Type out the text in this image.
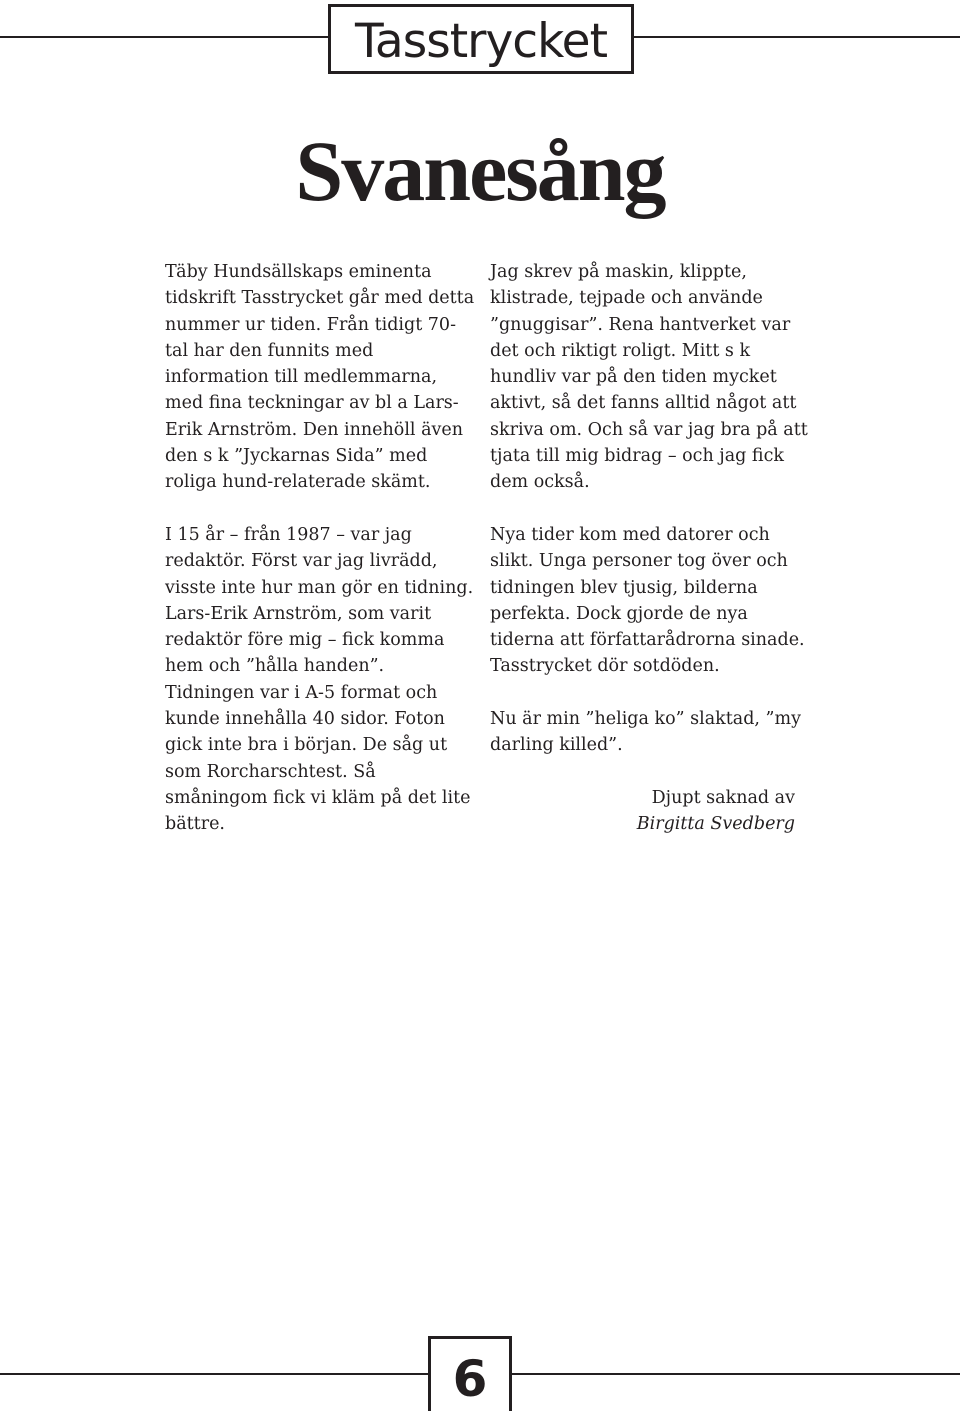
Tasstrycket
Svanesång

Täby Hundsällskaps eminenta tidskrift Tasstrycket går med detta nummer ur tiden. Från tidigt 70-tal har den funnits med information till medlemmarna, med fina teckningar av bl a Lars-Erik Arnström. Den innehöll även den s k ”Jyckarnas Sida” med roliga hund-relaterade skämt.

I 15 år – från 1987 – var jag redaktör. Först var jag livrädd, visste inte hur man gör en tidning. Lars-Erik Arnström, som varit redaktör före mig – fick komma hem och ”hålla handen”. Tidningen var i A-5 format och kunde innehålla 40 sidor. Foton gick inte bra i början. De såg ut som Rorcharschtest. Så småningom fick vi kläm på det lite bättre.

Jag skrev på maskin, klippte, klistrade, tejpade och använde ”gnuggisar”. Rena hantverket var det och riktigt roligt. Mitt s k hundliv var på den tiden mycket aktivt, så det fanns alltid något att skriva om. Och så var jag bra på att tjata till mig bidrag – och jag fick dem också.

Nya tider kom med datorer och slikt. Unga personer tog över och tidningen blev tjusig, bilderna perfekta. Dock gjorde de nya tiderna att författarådrorna sinade. Tasstrycket dör sotdöden.

Nu är min ”heliga ko” slaktad, ”my darling killed”.

Djupt saknad av
Birgitta Svedberg
6
